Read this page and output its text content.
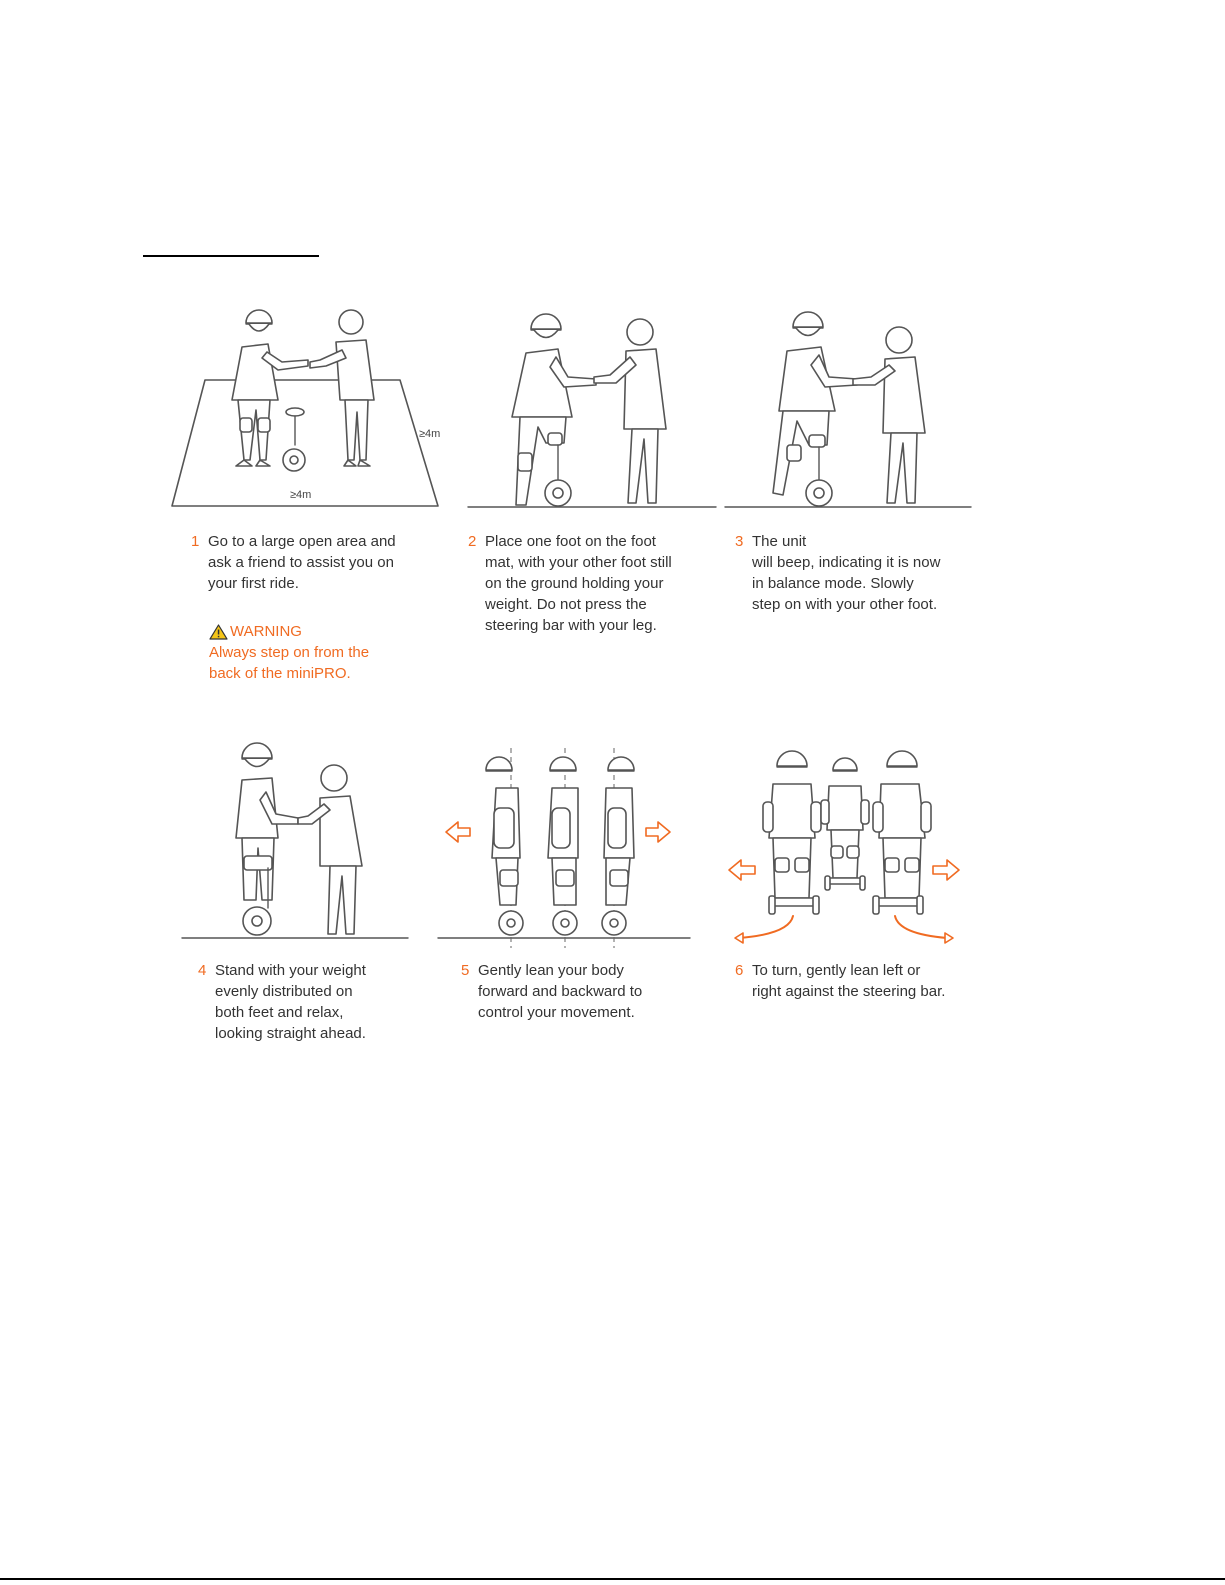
≥4m
≥4m
1 Go to a large open area and
ask a friend to assist you on
your first ride.
2 Place one foot on the foot
mat, with your other foot still
on the ground holding your
weight. Do not press the
steering bar with your leg.
3 The unit
will beep, indicating it is now
in balance mode. Slowly
step on with your other foot.
4 Stand with your weight
evenly distributed on
both feet and relax,
looking straight ahead.
5 Gently lean your body
forward and backward to
control your movement.
6 To turn, gently lean left or
right against the steering bar.
WARNING
Always step on from the
back of the miniPRO.
